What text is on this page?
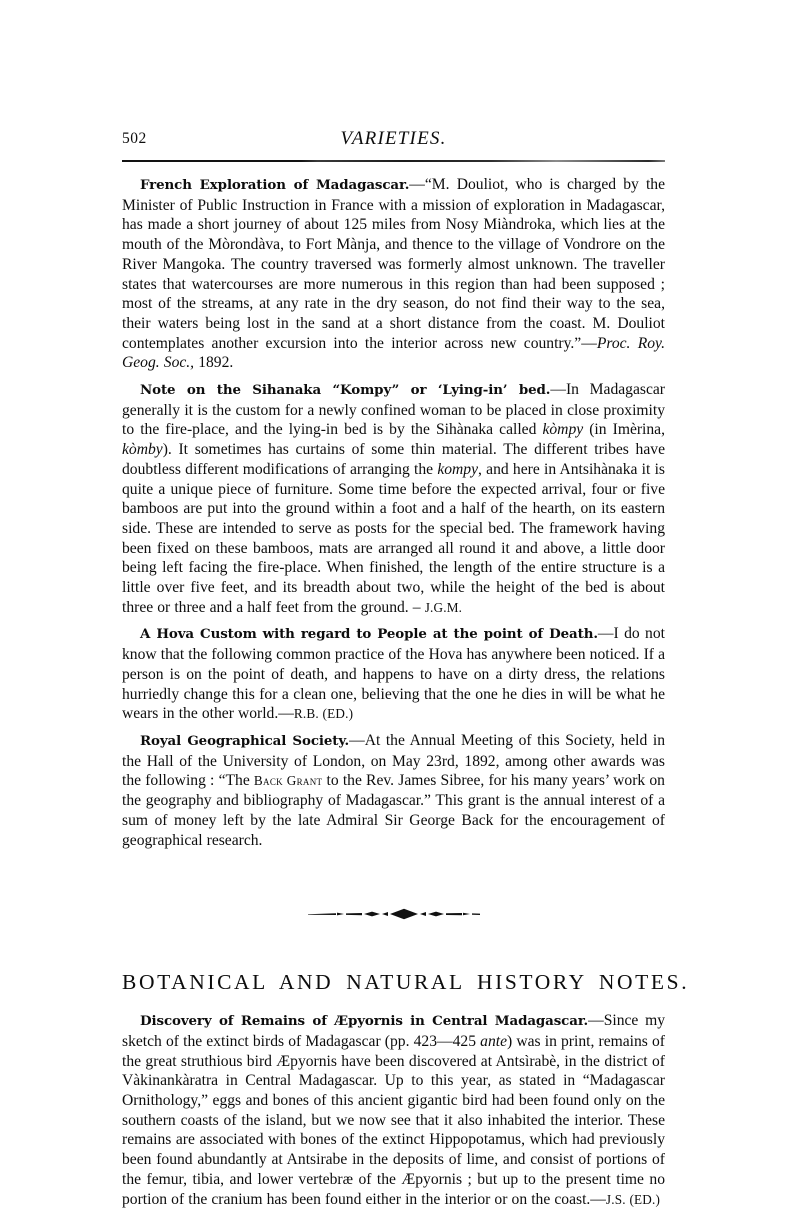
502	VARIETIES.

French Exploration of Madagascar.—“M. Douliot, who is charged by the Minister of Public Instruction in France with a mission of exploration in Madagascar, has made a short journey of about 125 miles from Nosy Miàndroka, which lies at the mouth of the Mòrondàva, to Fort Mànja, and thence to the village of Vondrore on the River Mangoka. The country traversed was formerly almost unknown. The traveller states that watercourses are more numerous in this region than had been supposed ; most of the streams, at any rate in the dry season, do not find their way to the sea, their waters being lost in the sand at a short distance from the coast. M. Douliot contemplates another excursion into the interior across new country.”—Proc. Roy. Geog. Soc., 1892.

Note on the Sihanaka “Kompy” or ‘Lying-in’ bed.—In Madagascar generally it is the custom for a newly confined woman to be placed in close proximity to the fire-place, and the lying-in bed is by the Sihànaka called kòmpy (in Imèrina, kòmby). It sometimes has curtains of some thin material. The different tribes have doubtless different modifications of arranging the kompy, and here in Antsihànaka it is quite a unique piece of furniture. Some time before the expected arrival, four or five bamboos are put into the ground within a foot and a half of the hearth, on its eastern side. These are intended to serve as posts for the special bed. The framework having been fixed on these bamboos, mats are arranged all round it and above, a little door being left facing the fire-place. When finished, the length of the entire structure is a little over five feet, and its breadth about two, while the height of the bed is about three or three and a half feet from the ground. – J.G.M.

A Hova Custom with regard to People at the point of Death.—I do not know that the following common practice of the Hova has anywhere been noticed. If a person is on the point of death, and happens to have on a dirty dress, the relations hurriedly change this for a clean one, believing that the one he dies in will be what he wears in the other world.—R.B. (ED.)

Royal Geographical Society.—At the Annual Meeting of this Society, held in the Hall of the University of London, on May 23rd, 1892, among other awards was the following : “The Back Grant to the Rev. James Sibree, for his many years’ work on the geography and bibliography of Madagascar.” This grant is the annual interest of a sum of money left by the late Admiral Sir George Back for the encouragement of geographical research.

BOTANICAL AND NATURAL HISTORY NOTES.

Discovery of Remains of Æpyornis in Central Madagascar.—Since my sketch of the extinct birds of Madagascar (pp. 423—425 ante) was in print, remains of the great struthious bird Æpyornis have been discovered at Antsìrabè, in the district of Vàkinankàratra in Central Madagascar. Up to this year, as stated in “Madagascar Ornithology,” eggs and bones of this ancient gigantic bird had been found only on the southern coasts of the island, but we now see that it also inhabited the interior. These remains are associated with bones of the extinct Hippopotamus, which had previously been found abundantly at Antsirabe in the deposits of lime, and consist of portions of the femur, tibia, and lower vertebræ of the Æpyornis ; but up to the present time no portion of the cranium has been found either in the interior or on the coast.—J.S. (ED.)
